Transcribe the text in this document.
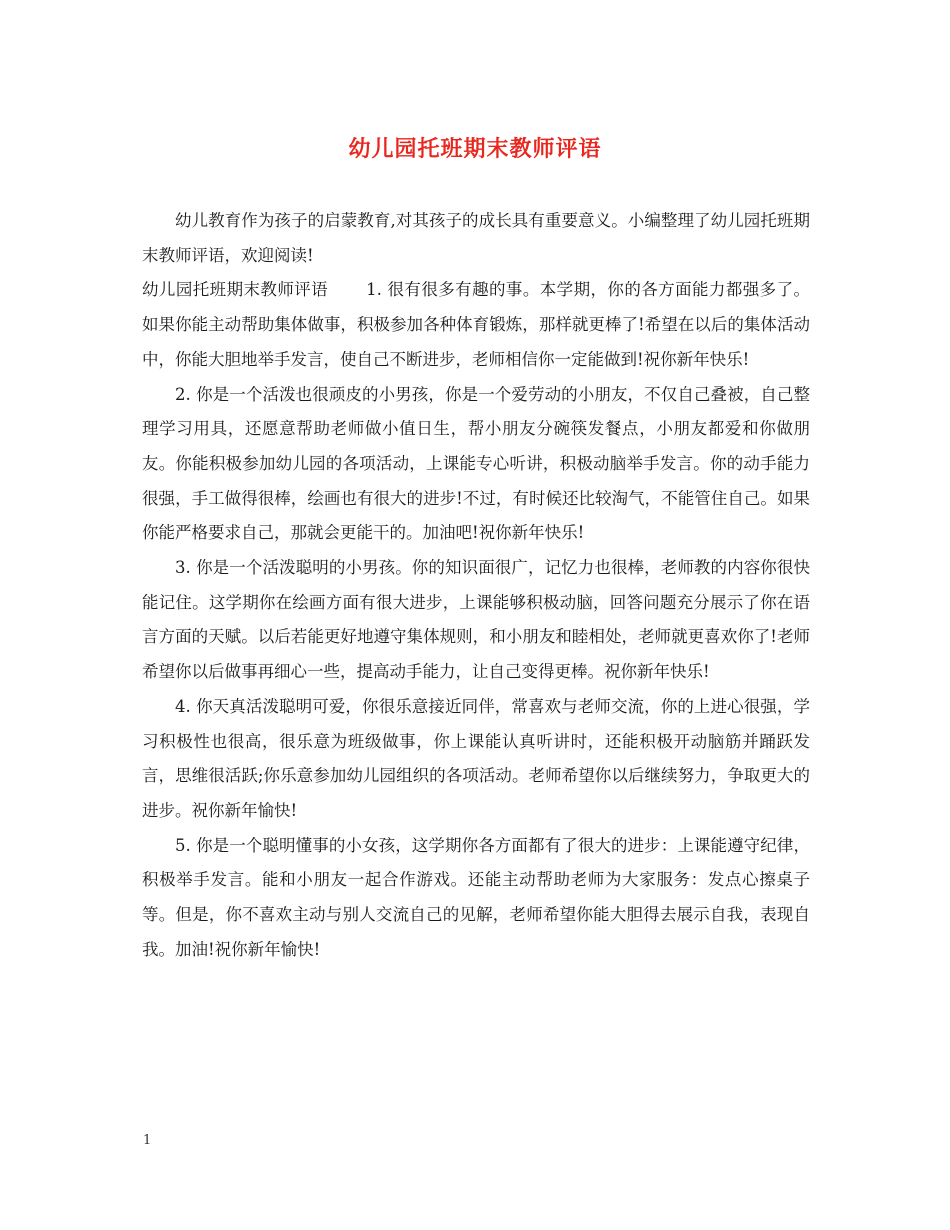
幼儿园托班期末教师评语

幼儿教育作为孩子的启蒙教育,对其孩子的成长具有重要意义。小编整理了幼儿园托班期末教师评语，欢迎阅读!

幼儿园托班期末教师评语 1. 很有很多有趣的事。本学期，你的各方面能力都强多了。如果你能主动帮助集体做事，积极参加各种体育锻炼，那样就更棒了!希望在以后的集体活动中，你能大胆地举手发言，使自己不断进步，老师相信你一定能做到!祝你新年快乐!

2. 你是一个活泼也很顽皮的小男孩，你是一个爱劳动的小朋友，不仅自己叠被，自己整理学习用具，还愿意帮助老师做小值日生，帮小朋友分碗筷发餐点，小朋友都爱和你做朋友。你能积极参加幼儿园的各项活动，上课能专心听讲，积极动脑举手发言。你的动手能力很强，手工做得很棒，绘画也有很大的进步!不过，有时候还比较淘气，不能管住自己。如果你能严格要求自己，那就会更能干的。加油吧!祝你新年快乐!

3. 你是一个活泼聪明的小男孩。你的知识面很广，记忆力也很棒，老师教的内容你很快能记住。这学期你在绘画方面有很大进步，上课能够积极动脑，回答问题充分展示了你在语言方面的天赋。以后若能更好地遵守集体规则，和小朋友和睦相处，老师就更喜欢你了!老师希望你以后做事再细心一些，提高动手能力，让自己变得更棒。祝你新年快乐!

4. 你天真活泼聪明可爱，你很乐意接近同伴，常喜欢与老师交流，你的上进心很强，学习积极性也很高，很乐意为班级做事，你上课能认真听讲时，还能积极开动脑筋并踊跃发言，思维很活跃;你乐意参加幼儿园组织的各项活动。老师希望你以后继续努力，争取更大的进步。祝你新年愉快!

5. 你是一个聪明懂事的小女孩，这学期你各方面都有了很大的进步：上课能遵守纪律，积极举手发言。能和小朋友一起合作游戏。还能主动帮助老师为大家服务：发点心擦桌子等。但是，你不喜欢主动与别人交流自己的见解，老师希望你能大胆得去展示自我，表现自我。加油!祝你新年愉快!

1
